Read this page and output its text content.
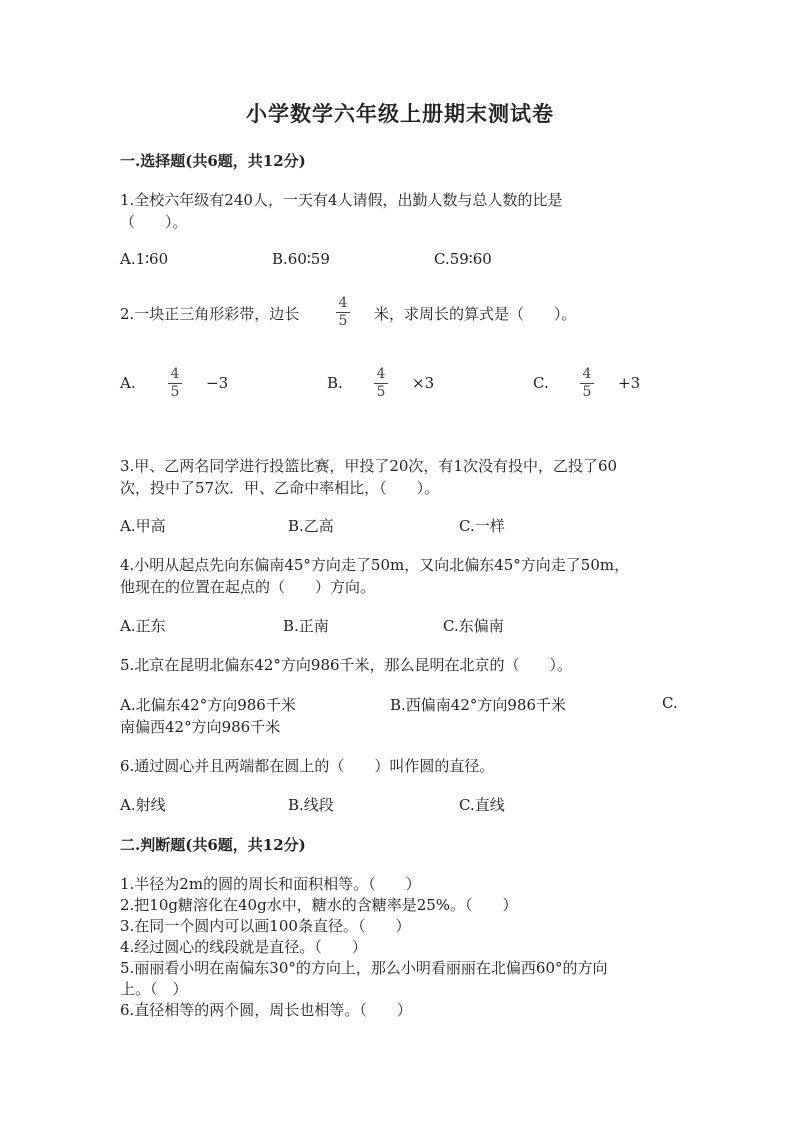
小学数学六年级上册期末测试卷
一.选择题(共6题，共12分)
1.全校六年级有240人，一天有4人请假，出勤人数与总人数的比是
（　　）。
A.1∶60	B.60∶59	C.59∶60
2.一块正三角形彩带，边长
4
5 米，求周长的算式是（　　）。
A. 4
5 −3	B. 4
5 ×3	C. 4
5 +3
3.甲、乙两名同学进行投篮比赛，甲投了20次，有1次没有投中，乙投了60
次，投中了57次．甲、乙命中率相比，（　　）。
A.甲高	B.乙高	C.一样
4.小明从起点先向东偏南45°方向走了50m，又向北偏东45°方向走了50m，
他现在的位置在起点的（　　）方向。
A.正东	B.正南	C.东偏南
5.北京在昆明北偏东42°方向986千米，那么昆明在北京的（　　）。
A.北偏东42°方向986千米	B.西偏南42°方向986千米	C.
南偏西42°方向986千米
6.通过圆心并且两端都在圆上的（　　）叫作圆的直径。
A.射线	B.线段	C.直线
二.判断题(共6题，共12分)
1.半径为2m的圆的周长和面积相等。（　　）
2.把10g糖溶化在40g水中，糖水的含糖率是25%。（　　）
3.在同一个圆内可以画100条直径。（　　）
4.经过圆心的线段就是直径。（　　）
5.丽丽看小明在南偏东30°的方向上，那么小明看丽丽在北偏西60°的方向
上。（　）
6.直径相等的两个圆，周长也相等。（　　）
